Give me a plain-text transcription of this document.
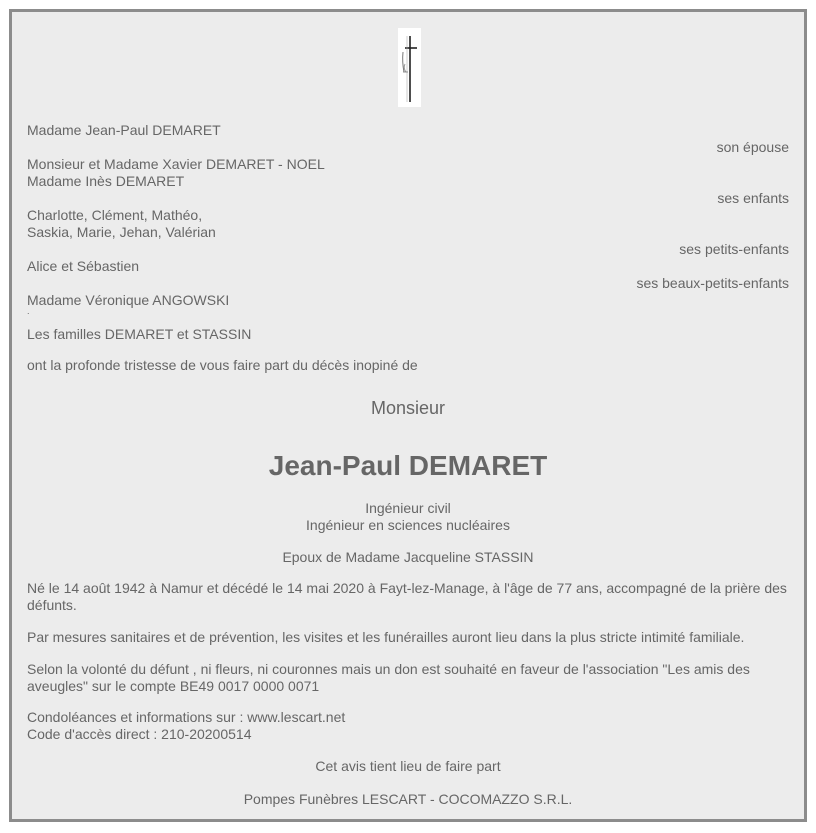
Madame Jean-Paul DEMARET
son épouse
Monsieur et Madame Xavier DEMARET - NOEL
Madame Inès DEMARET
ses enfants
Charlotte, Clément, Mathéo,
Saskia, Marie, Jehan, Valérian
ses petits-enfants
Alice et Sébastien
ses beaux-petits-enfants
Madame Véronique ANGOWSKI
.
Les familles DEMARET et STASSIN
ont la profonde tristesse de vous faire part du décès inopiné de
Monsieur
Jean-Paul DEMARET
Ingénieur civil
Ingénieur en sciences nucléaires
Epoux de Madame Jacqueline STASSIN
Né le 14 août 1942 à Namur et décédé le 14 mai 2020 à Fayt-lez-Manage, à l'âge de 77 ans, accompagné de la prière des défunts.
Par mesures sanitaires et de prévention, les visites et les funérailles auront lieu dans la plus stricte intimité familiale.
Selon la volonté du défunt , ni fleurs, ni couronnes mais un don est souhaité en faveur de l'association "Les amis des aveugles" sur le compte BE49 0017 0000 0071
Condoléances et informations sur : www.lescart.net
Code d'accès direct : 210-20200514
Cet avis tient lieu de faire part
Pompes Funèbres LESCART - COCOMAZZO S.R.L.
